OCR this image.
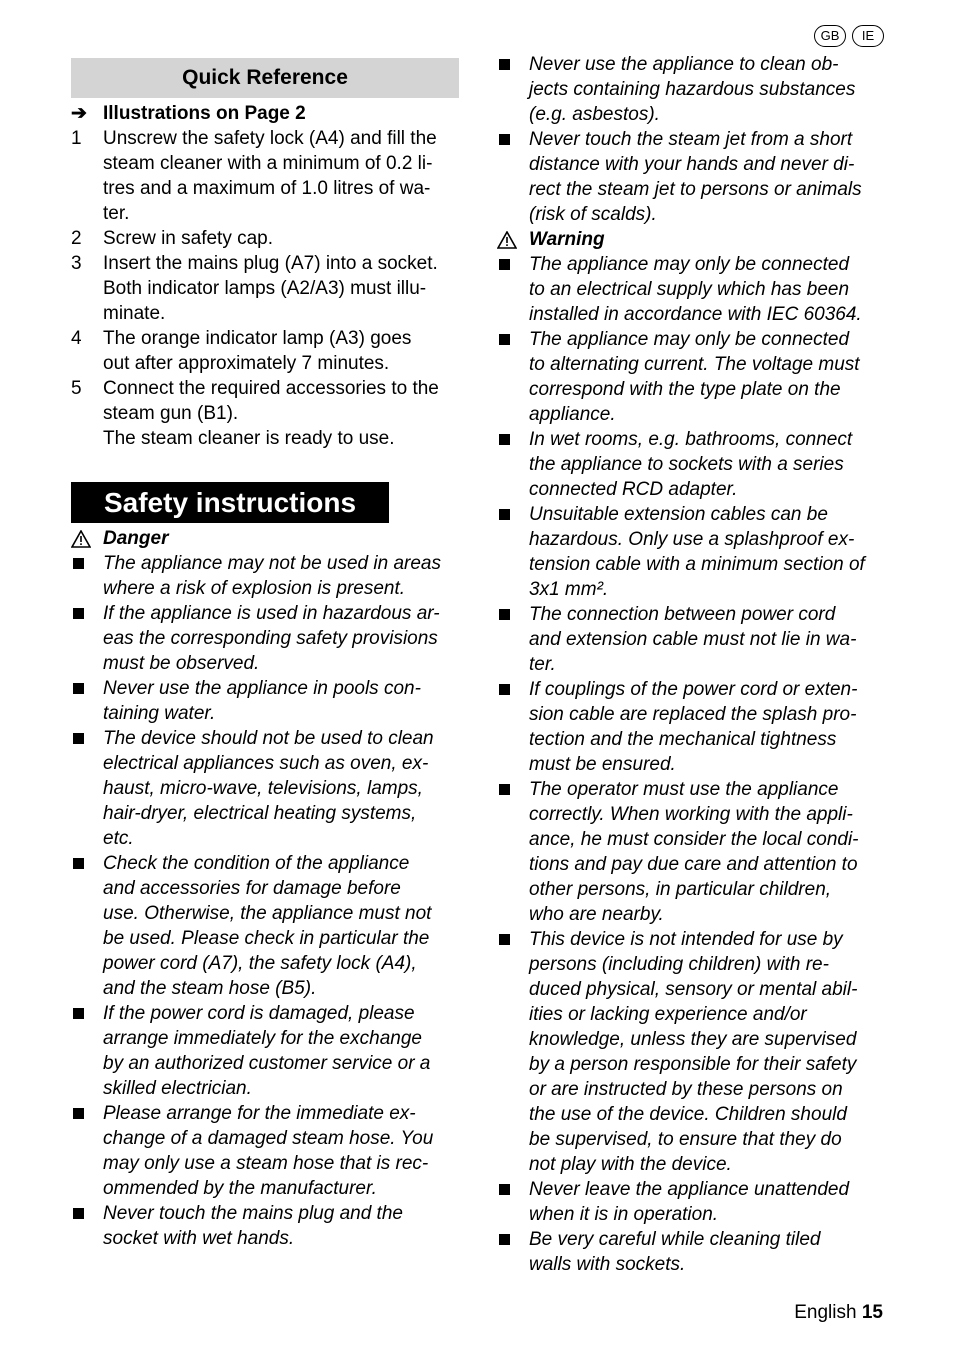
GB	IE
Quick Reference
➔ Illustrations on Page 2
1	Unscrew the safety lock (A4) and fill the
steam cleaner with a minimum of 0.2 li-
tres and a maximum of 1.0 litres of wa-
ter.
2	Screw in safety cap.
3	Insert the mains plug (A7) into a socket.
Both indicator lamps (A2/A3) must illu-
minate.
4	The orange indicator lamp (A3) goes
out after approximately 7 minutes.
5	Connect the required accessories to the
steam gun (B1).
The steam cleaner is ready to use.
Safety instructions
Danger
The appliance may not be used in areas
where a risk of explosion is present.
If the appliance is used in hazardous ar-
eas the corresponding safety provisions
must be observed.
Never use the appliance in pools con-
taining water.
The device should not be used to clean
electrical appliances such as oven, ex-
haust, micro-wave, televisions, lamps,
hair-dryer, electrical heating systems,
etc.
Check the condition of the appliance
and accessories for damage before
use. Otherwise, the appliance must not
be used. Please check in particular the
power cord (A7), the safety lock (A4),
and the steam hose (B5).
If the power cord is damaged, please
arrange immediately for the exchange
by an authorized customer service or a
skilled electrician.
Please arrange for the immediate ex-
change of a damaged steam hose. You
may only use a steam hose that is rec-
ommended by the manufacturer.
Never touch the mains plug and the
socket with wet hands.
Never use the appliance to clean ob-
jects containing hazardous substances
(e.g. asbestos).
Never touch the steam jet from a short
distance with your hands and never di-
rect the steam jet to persons or animals
(risk of scalds).
Warning
The appliance may only be connected
to an electrical supply which has been
installed in accordance with IEC 60364.
The appliance may only be connected
to alternating current. The voltage must
correspond with the type plate on the
appliance.
In wet rooms, e.g. bathrooms, connect
the appliance to sockets with a series
connected RCD adapter.
Unsuitable extension cables can be
hazardous. Only use a splashproof ex-
tension cable with a minimum section of
3x1 mm².
The connection between power cord
and extension cable must not lie in wa-
ter.
If couplings of the power cord or exten-
sion cable are replaced the splash pro-
tection and the mechanical tightness
must be ensured.
The operator must use the appliance
correctly. When working with the appli-
ance, he must consider the local condi-
tions and pay due care and attention to
other persons, in particular children,
who are nearby.
This device is not intended for use by
persons (including children) with re-
duced physical, sensory or mental abil-
ities or lacking experience and/or
knowledge, unless they are supervised
by a person responsible for their safety
or are instructed by these persons on
the use of the device. Children should
be supervised, to ensure that they do
not play with the device.
Never leave the appliance unattended
when it is in operation.
Be very careful while cleaning tiled
walls with sockets.
English 15
